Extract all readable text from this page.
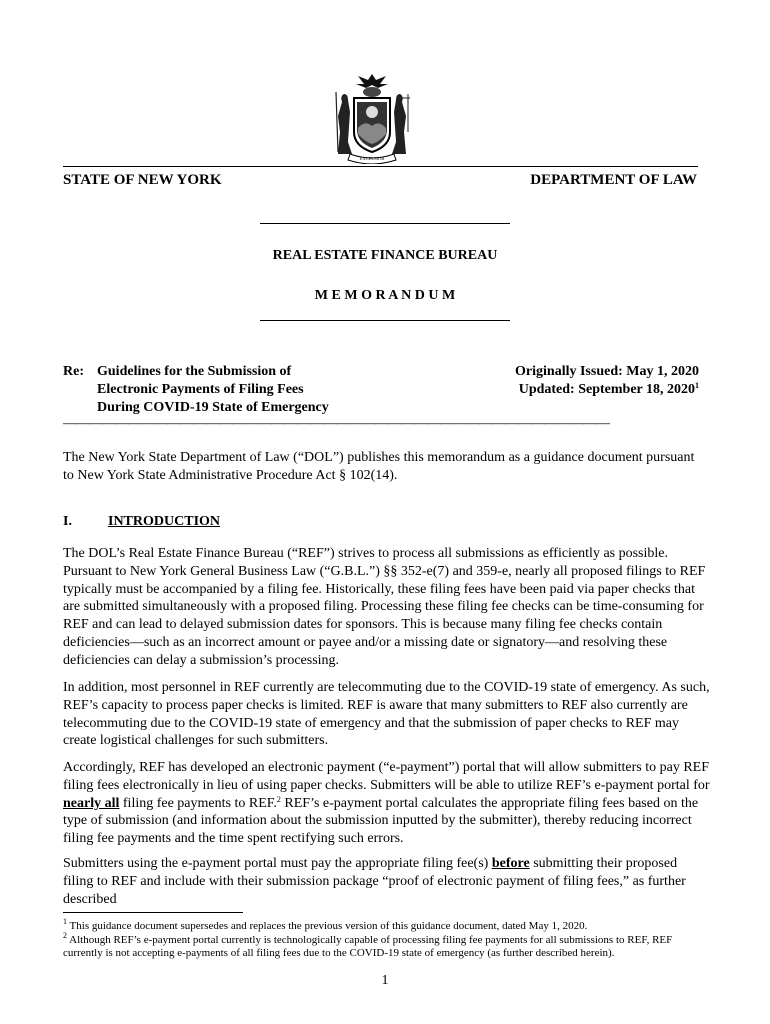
EXCELSIOR
STATE OF NEW YORK	DEPARTMENT OF LAW
REAL ESTATE FINANCE BUREAU
M E M O R A N D U M
Re: Guidelines for the Submission of
Electronic Payments of Filing Fees
During COVID-19 State of Emergency
Originally Issued: May 1, 2020
Updated: September 18, 2020$^1$
——————————————————————————————————————————
The New York State Department of Law (“DOL”) publishes this memorandum as a guidance document pursuant to New York State Administrative Procedure Act § 102(14).
I.	INTRODUCTION
The DOL’s Real Estate Finance Bureau (“REF”) strives to process all submissions as efficiently as possible. Pursuant to New York General Business Law (“G.B.L.”) §§ 352-e(7) and 359-e, nearly all proposed filings to REF typically must be accompanied by a filing fee. Historically, these filing fees have been paid via paper checks that are submitted simultaneously with a proposed filing. Processing these filing fee checks can be time-consuming for REF and can lead to delayed submission dates for sponsors. This is because many filing fee checks contain deficiencies—such as an incorrect amount or payee and/or a missing date or signatory—and resolving these deficiencies can delay a submission’s processing.
In addition, most personnel in REF currently are telecommuting due to the COVID-19 state of emergency. As such, REF’s capacity to process paper checks is limited. REF is aware that many submitters to REF also currently are telecommuting due to the COVID-19 state of emergency and that the submission of paper checks to REF may create logistical challenges for such submitters.
Accordingly, REF has developed an electronic payment (“e-payment”) portal that will allow submitters to pay REF filing fees electronically in lieu of using paper checks. Submitters will be able to utilize REF’s e-payment portal for nearly all filing fee payments to REF.$^2$ REF’s e-payment portal calculates the appropriate filing fees based on the type of submission (and information about the submission inputted by the submitter), thereby reducing incorrect filing fee payments and the time spent rectifying such errors.
Submitters using the e-payment portal must pay the appropriate filing fee(s) before submitting their proposed filing to REF and include with their submission package “proof of electronic payment of filing fees,” as further described
$^1$ This guidance document supersedes and replaces the previous version of this guidance document, dated May 1, 2020.
$^2$ Although REF’s e-payment portal currently is technologically capable of processing filing fee payments for all submissions to REF, REF currently is not accepting e-payments of all filing fees due to the COVID-19 state of emergency (as further described herein).
1
